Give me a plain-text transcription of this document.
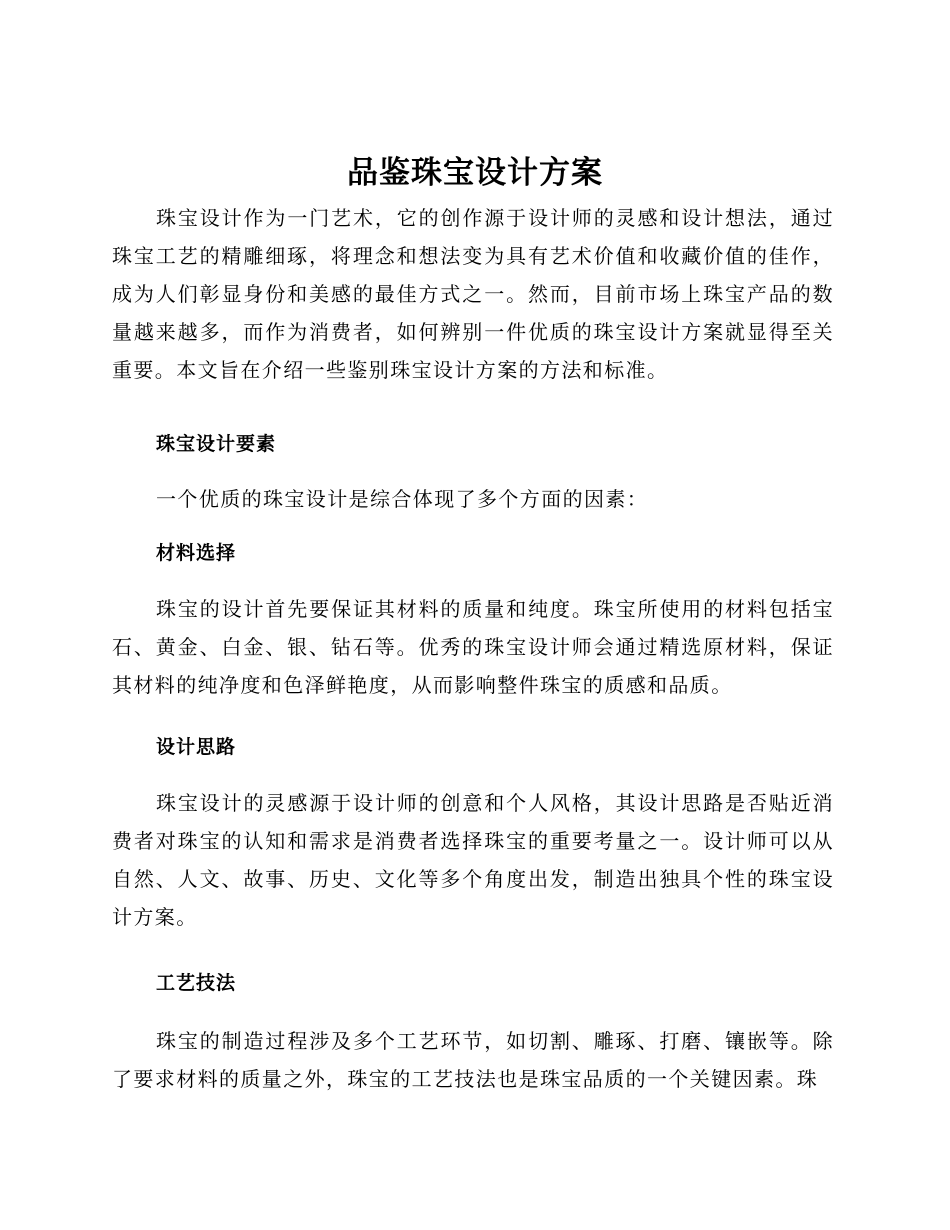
品鉴珠宝设计方案

珠宝设计作为一门艺术，它的创作源于设计师的灵感和设计想法，通过珠宝工艺的精雕细琢，将理念和想法变为具有艺术价值和收藏价值的佳作，成为人们彰显身份和美感的最佳方式之一。然而，目前市场上珠宝产品的数量越来越多，而作为消费者，如何辨别一件优质的珠宝设计方案就显得至关重要。本文旨在介绍一些鉴别珠宝设计方案的方法和标准。

珠宝设计要素

一个优质的珠宝设计是综合体现了多个方面的因素：

材料选择

珠宝的设计首先要保证其材料的质量和纯度。珠宝所使用的材料包括宝石、黄金、白金、银、钻石等。优秀的珠宝设计师会通过精选原材料，保证其材料的纯净度和色泽鲜艳度，从而影响整件珠宝的质感和品质。

设计思路

珠宝设计的灵感源于设计师的创意和个人风格，其设计思路是否贴近消费者对珠宝的认知和需求是消费者选择珠宝的重要考量之一。设计师可以从自然、人文、故事、历史、文化等多个角度出发，制造出独具个性的珠宝设计方案。

工艺技法

珠宝的制造过程涉及多个工艺环节，如切割、雕琢、打磨、镶嵌等。除了要求材料的质量之外，珠宝的工艺技法也是珠宝品质的一个关键因素。珠
